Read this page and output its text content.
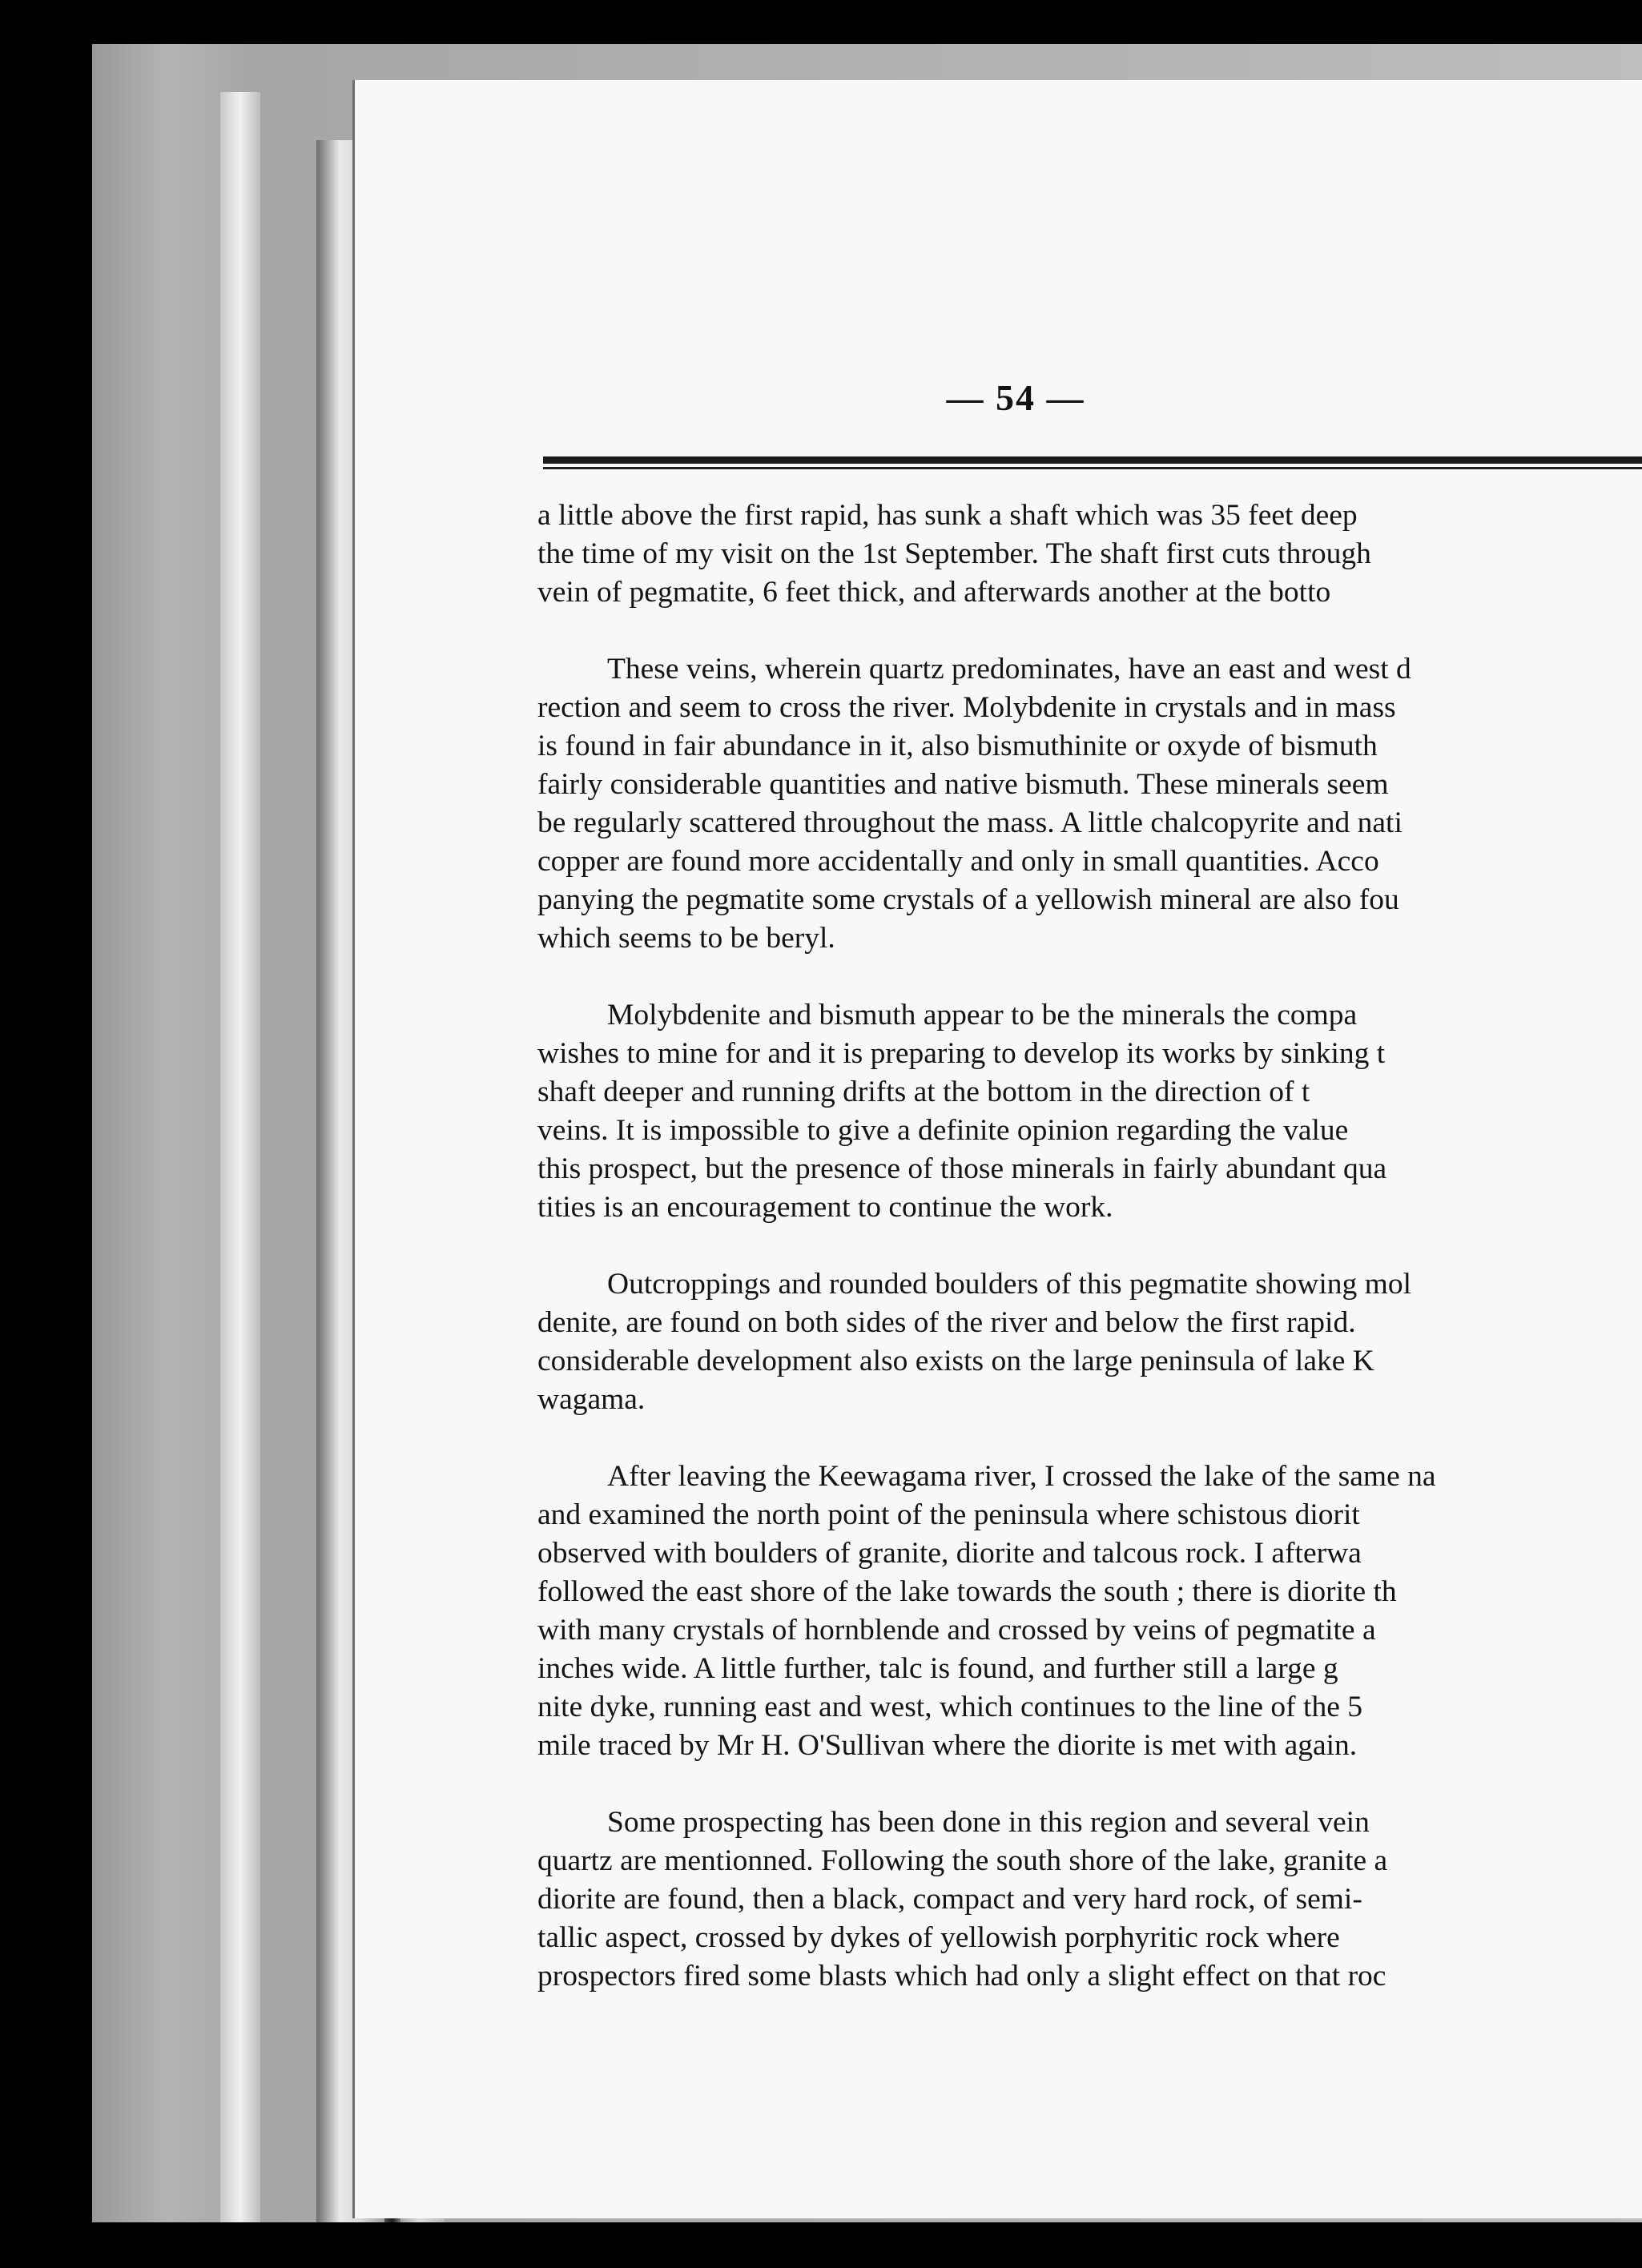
— 54 —
a little above the first rapid, has sunk a shaft which was 35 feet deep
the time of my visit on the 1st September. The shaft first cuts through
vein of pegmatite, 6 feet thick, and afterwards another at the botto
These veins, wherein quartz predominates, have an east and west d
rection and seem to cross the river. Molybdenite in crystals and in mass
is found in fair abundance in it, also bismuthinite or oxyde of bismuth
fairly considerable quantities and native bismuth. These minerals seem
be regularly scattered throughout the mass. A little chalcopyrite and nati
copper are found more accidentally and only in small quantities. Acco
panying the pegmatite some crystals of a yellowish mineral are also fou
which seems to be beryl.
Molybdenite and bismuth appear to be the minerals the compa
wishes to mine for and it is preparing to develop its works by sinking t
shaft deeper and running drifts at the bottom in the direction of t
veins. It is impossible to give a definite opinion regarding the value
this prospect, but the presence of those minerals in fairly abundant qua
tities is an encouragement to continue the work.
Outcroppings and rounded boulders of this pegmatite showing mol
denite, are found on both sides of the river and below the first rapid.
considerable development also exists on the large peninsula of lake K
wagama.
After leaving the Keewagama river, I crossed the lake of the same na
and examined the north point of the peninsula where schistous diorit
observed with boulders of granite, diorite and talcous rock. I afterwa
followed the east shore of the lake towards the south ; there is diorite th
with many crystals of hornblende and crossed by veins of pegmatite a
inches wide. A little further, talc is found, and further still a large g
nite dyke, running east and west, which continues to the line of the 5
mile traced by Mr H. O'Sullivan where the diorite is met with again.
Some prospecting has been done in this region and several vein
quartz are mentionned. Following the south shore of the lake, granite a
diorite are found, then a black, compact and very hard rock, of semi-
tallic aspect, crossed by dykes of yellowish porphyritic rock where
prospectors fired some blasts which had only a slight effect on that roc
